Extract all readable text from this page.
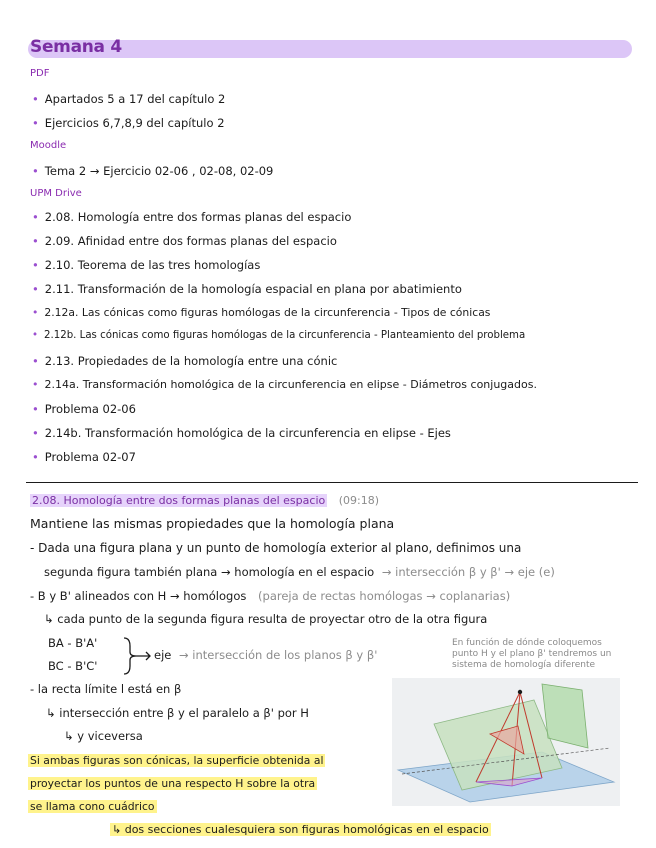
Semana 4
PDF
• Apartados 5 a 17 del capítulo 2
• Ejercicios 6,7,8,9 del capítulo 2
Moodle
• Tema 2 → Ejercicio 02-06 , 02-08, 02-09
UPM Drive
• 2.08. Homología entre dos formas planas del espacio
• 2.09. Afinidad entre dos formas planas del espacio
• 2.10. Teorema de las tres homologías
• 2.11. Transformación de la homología espacial en plana por abatimiento
• 2.12a. Las cónicas como figuras homólogas de la circunferencia - Tipos de cónicas
• 2.12b. Las cónicas como figuras homólogas de la circunferencia - Planteamiento del problema
• 2.13. Propiedades de la homología entre una cónic
• 2.14a. Transformación homológica de la circunferencia en elipse - Diámetros conjugados.
• Problema 02-06
• 2.14b. Transformación homológica de la circunferencia en elipse - Ejes
• Problema 02-07
2.08. Homología entre dos formas planas del espacio (09:18)
Mantiene las mismas propiedades que la homología plana
- Dada una figura plana y un punto de homología exterior al plano, definimos una
segunda figura también plana → homología en el espacio → intersección β y β' → eje (e)
- B y B' alineados con H → homólogos (pareja de rectas homólogas → coplanarias)
↳ cada punto de la segunda figura resulta de proyectar otro de la otra figura
BA - B'A'
BC - B'C'
eje → intersección de los planos β y β'
En función de dónde coloquemos punto H y el plano β' tendremos un sistema de homología diferente
- la recta límite l está en β
↳ intersección entre β y el paralelo a β' por H
↳ y viceversa
Si ambas figuras son cónicas, la superficie obtenida al
proyectar los puntos de una respecto H sobre la otra
se llama cono cuádrico
↳ dos secciones cualesquiera son figuras homológicas en el espacio
